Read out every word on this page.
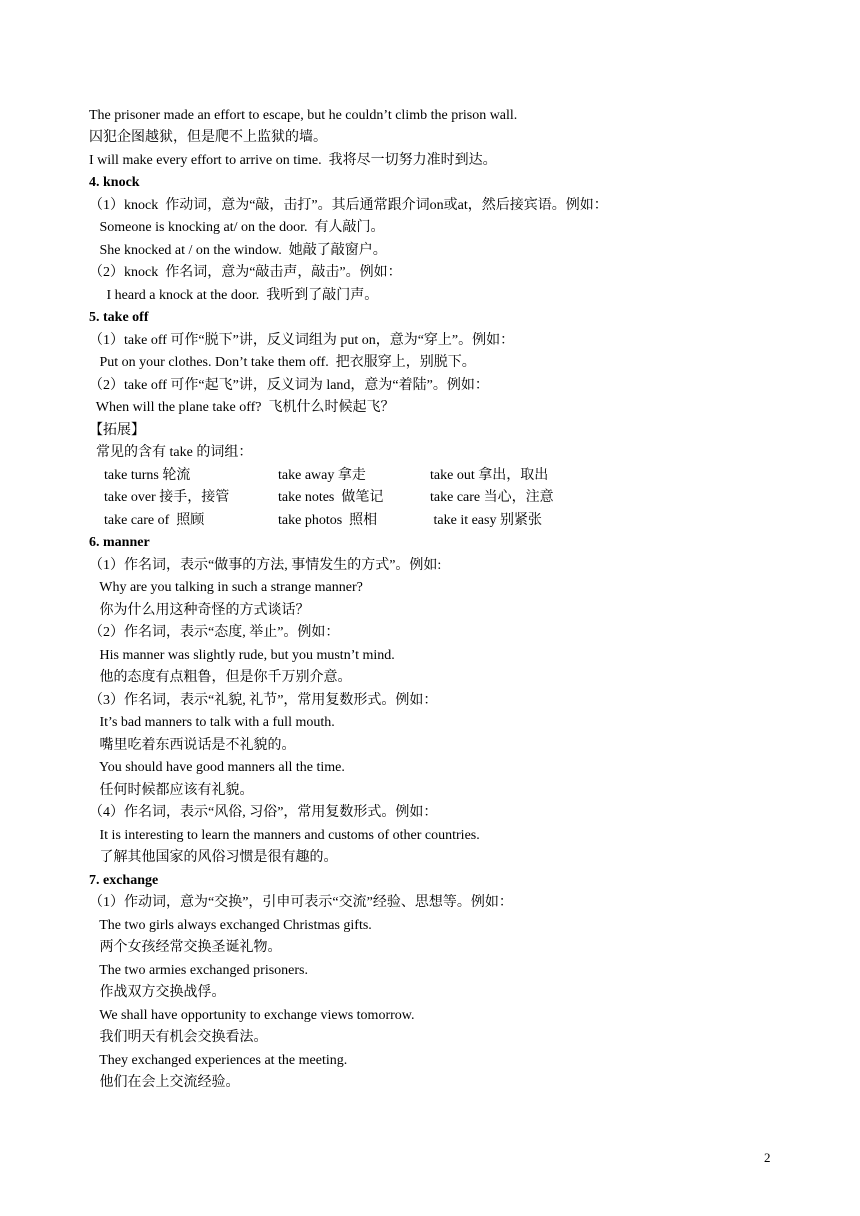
The prisoner made an effort to escape, but he couldn’t climb the prison wall.
囚犯企图越狱，但是爬不上监狱的墙。
I will make every effort to arrive on time.  我将尽一切努力准时到达。
4. knock
（1）knock  作动词，意为“敲，击打”。其后通常跟介词on或at，然后接宾语。例如：
Someone is knocking at/ on the door.  有人敲门。
She knocked at / on the window.  她敲了敲窗户。
（2）knock  作名词，意为“敲击声，敲击”。例如：
I heard a knock at the door.  我听到了敲门声。
5. take off
（1）take off 可作“脱下”讲，反义词组为 put on，意为“穿上”。例如：
Put on your clothes. Don’t take them off.  把衣服穿上，别脱下。
（2）take off 可作“起飞”讲，反义词为 land，意为“着陆”。例如：
When will the plane take off?  飞机什么时候起飞？
【拓展】
常见的含有 take 的词组：
take turns 轮流	take away 拿走	take out 拿出，取出
take over 接手，接管	take notes  做笔记	take care 当心，注意
take care of  照顾	take photos  照相	take it easy 别紧张
6. manner
（1）作名词，表示“做事的方法, 事情发生的方式”。例如:
Why are you talking in such a strange manner?
你为什么用这种奇怪的方式谈话？
（2）作名词，表示“态度, 举止”。例如：
His manner was slightly rude, but you mustn’t mind.
他的态度有点粗鲁，但是你千万别介意。
（3）作名词，表示“礼貌, 礼节”，常用复数形式。例如：
It’s bad manners to talk with a full mouth.
嘴里吃着东西说话是不礼貌的。
You should have good manners all the time.
任何时候都应该有礼貌。
（4）作名词，表示“风俗, 习俗”，常用复数形式。例如：
It is interesting to learn the manners and customs of other countries.
了解其他国家的风俗习惯是很有趣的。
7. exchange
（1）作动词，意为“交换”，引申可表示“交流”经验、思想等。例如：
The two girls always exchanged Christmas gifts.
两个女孩经常交换圣诞礼物。
The two armies exchanged prisoners.
作战双方交换战俘。
We shall have opportunity to exchange views tomorrow.
我们明天有机会交换看法。
They exchanged experiences at the meeting.
他们在会上交流经验。
2
